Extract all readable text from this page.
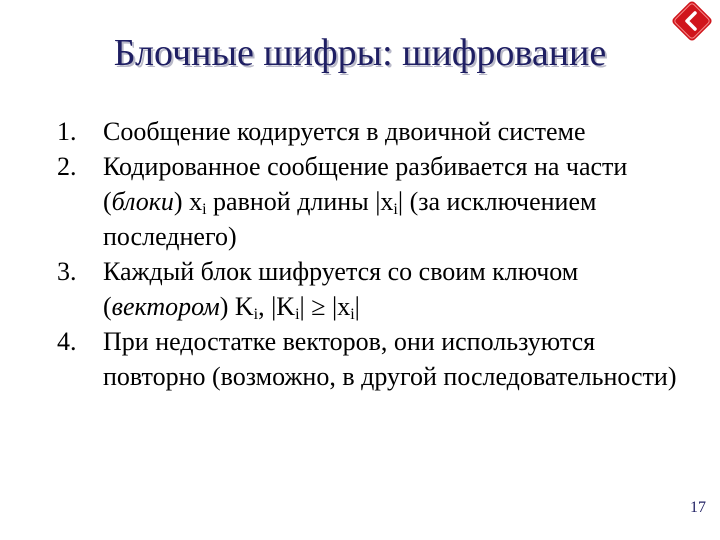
Блочные шифры: шифрование
1. Сообщение кодируется в двоичной системе
2. Кодированное сообщение разбивается на части (блоки) $x_i$ равной длины $|x_i|$ (за исключением последнего)
3. Каждый блок шифруется со своим ключом (вектором) $K_i$, $|K_i| \ge |x_i|$
4. При недостатке векторов, они используются повторно (возможно, в другой последовательности)
17
